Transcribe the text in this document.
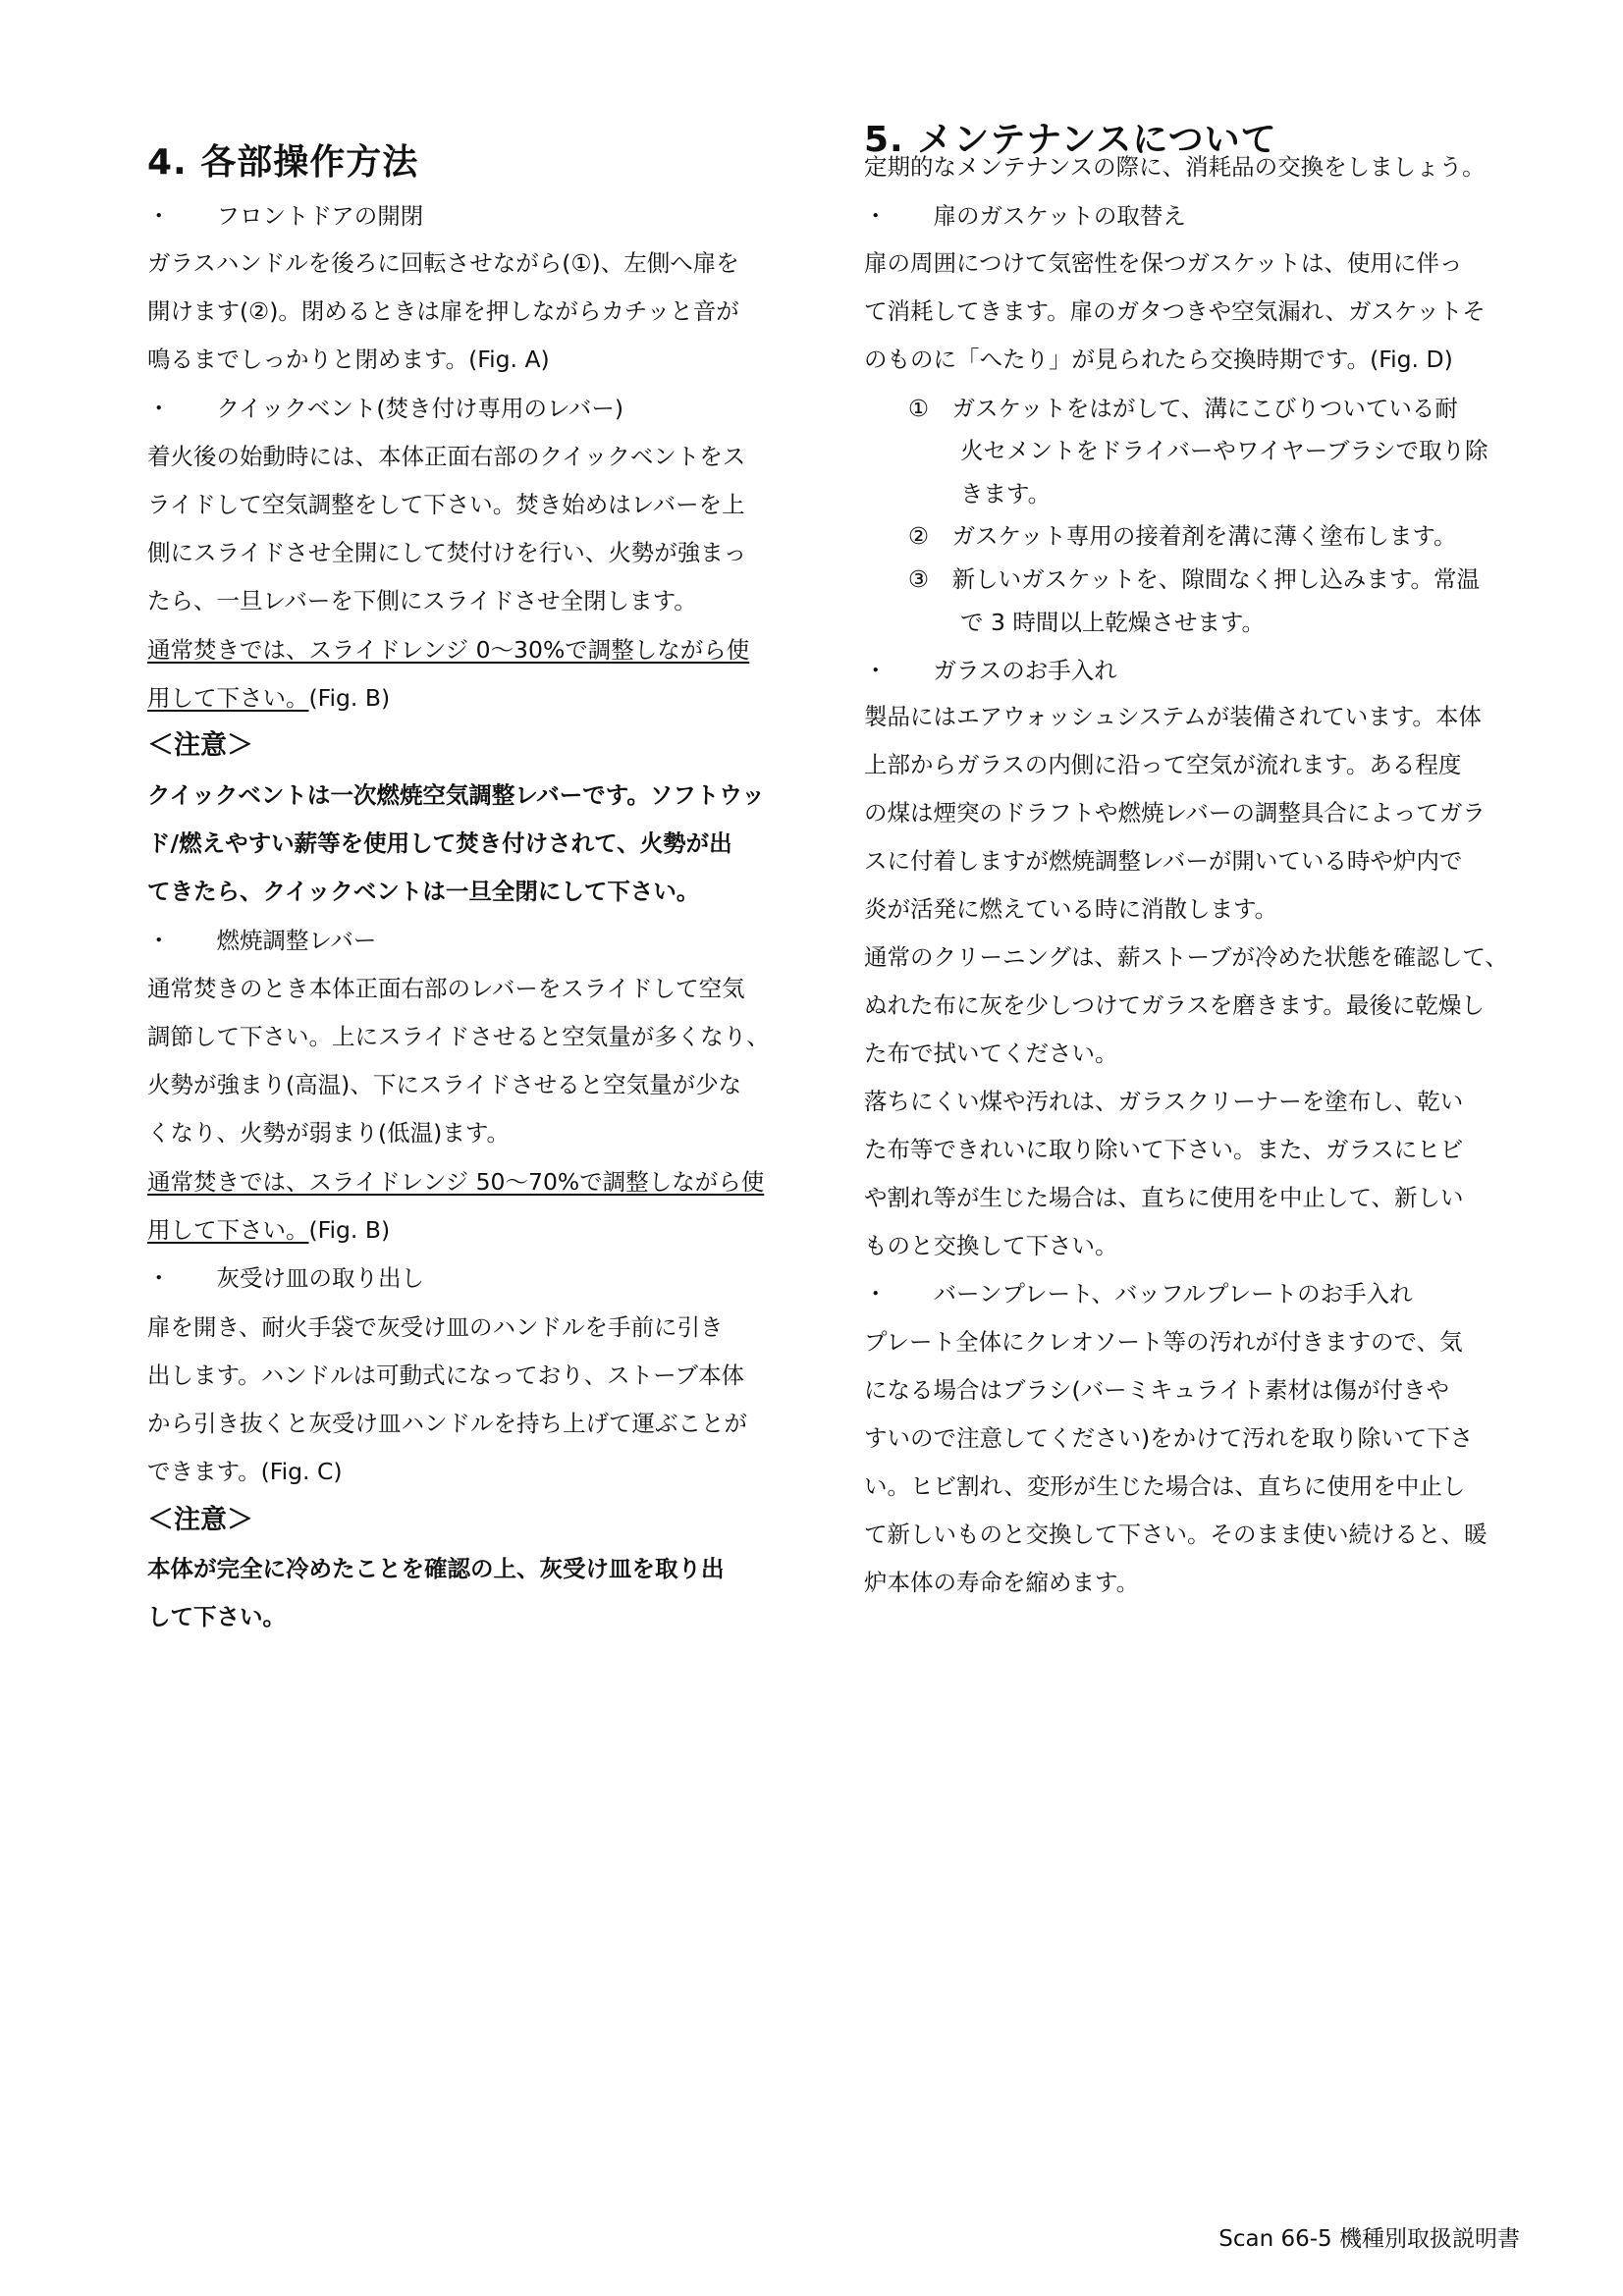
4. 各部操作方法
・　　フロントドアの開閉
ガラスハンドルを後ろに回転させながら(①)、左側へ扉を
開けます(②)。閉めるときは扉を押しながらカチッと音が
鳴るまでしっかりと閉めます。(Fig. A)
・　　クイックベント(焚き付け専用のレバー)
着火後の始動時には、本体正面右部のクイックベントをス
ライドして空気調整をして下さい。焚き始めはレバーを上
側にスライドさせ全開にして焚付けを行い、火勢が強まっ
たら、一旦レバーを下側にスライドさせ全閉します。
通常焚きでは、スライドレンジ 0～30%で調整しながら使
用して下さい。(Fig. B)
＜注意＞
クイックベントは一次燃焼空気調整レバーです。ソフトウッ
ド/燃えやすい薪等を使用して焚き付けされて、火勢が出
てきたら、クイックベントは一旦全閉にして下さい。
・　　燃焼調整レバー
通常焚きのとき本体正面右部のレバーをスライドして空気
調節して下さい。上にスライドさせると空気量が多くなり、
火勢が強まり(高温)、下にスライドさせると空気量が少な
くなり、火勢が弱まり(低温)ます。
通常焚きでは、スライドレンジ 50～70%で調整しながら使
用して下さい。(Fig. B)
・　　灰受け皿の取り出し
扉を開き、耐火手袋で灰受け皿のハンドルを手前に引き
出します。ハンドルは可動式になっており、ストーブ本体
から引き抜くと灰受け皿ハンドルを持ち上げて運ぶことが
できます。(Fig. C)
＜注意＞
本体が完全に冷めたことを確認の上、灰受け皿を取り出
して下さい。
5. メンテナンスについて
定期的なメンテナンスの際に、消耗品の交換をしましょう。
・　　扉のガスケットの取替え
扉の周囲につけて気密性を保つガスケットは、使用に伴っ
て消耗してきます。扉のガタつきや空気漏れ、ガスケットそ
のものに「へたり」が見られたら交換時期です。(Fig. D)
①　ガスケットをはがして、溝にこびりついている耐
火セメントをドライバーやワイヤーブラシで取り除
きます。
②　ガスケット専用の接着剤を溝に薄く塗布します。
③　新しいガスケットを、隙間なく押し込みます。常温
で 3 時間以上乾燥させます。
・　　ガラスのお手入れ
製品にはエアウォッシュシステムが装備されています。本体
上部からガラスの内側に沿って空気が流れます。ある程度
の煤は煙突のドラフトや燃焼レバーの調整具合によってガラ
スに付着しますが燃焼調整レバーが開いている時や炉内で
炎が活発に燃えている時に消散します。
通常のクリーニングは、薪ストーブが冷めた状態を確認して、
ぬれた布に灰を少しつけてガラスを磨きます。最後に乾燥し
た布で拭いてください。
落ちにくい煤や汚れは、ガラスクリーナーを塗布し、乾い
た布等できれいに取り除いて下さい。また、ガラスにヒビ
や割れ等が生じた場合は、直ちに使用を中止して、新しい
ものと交換して下さい。
・　　バーンプレート、バッフルプレートのお手入れ
プレート全体にクレオソート等の汚れが付きますので、気
になる場合はブラシ(バーミキュライト素材は傷が付きや
すいので注意してください)をかけて汚れを取り除いて下さ
い。ヒビ割れ、変形が生じた場合は、直ちに使用を中止し
て新しいものと交換して下さい。そのまま使い続けると、暖
炉本体の寿命を縮めます。
Scan 66-5 機種別取扱説明書
